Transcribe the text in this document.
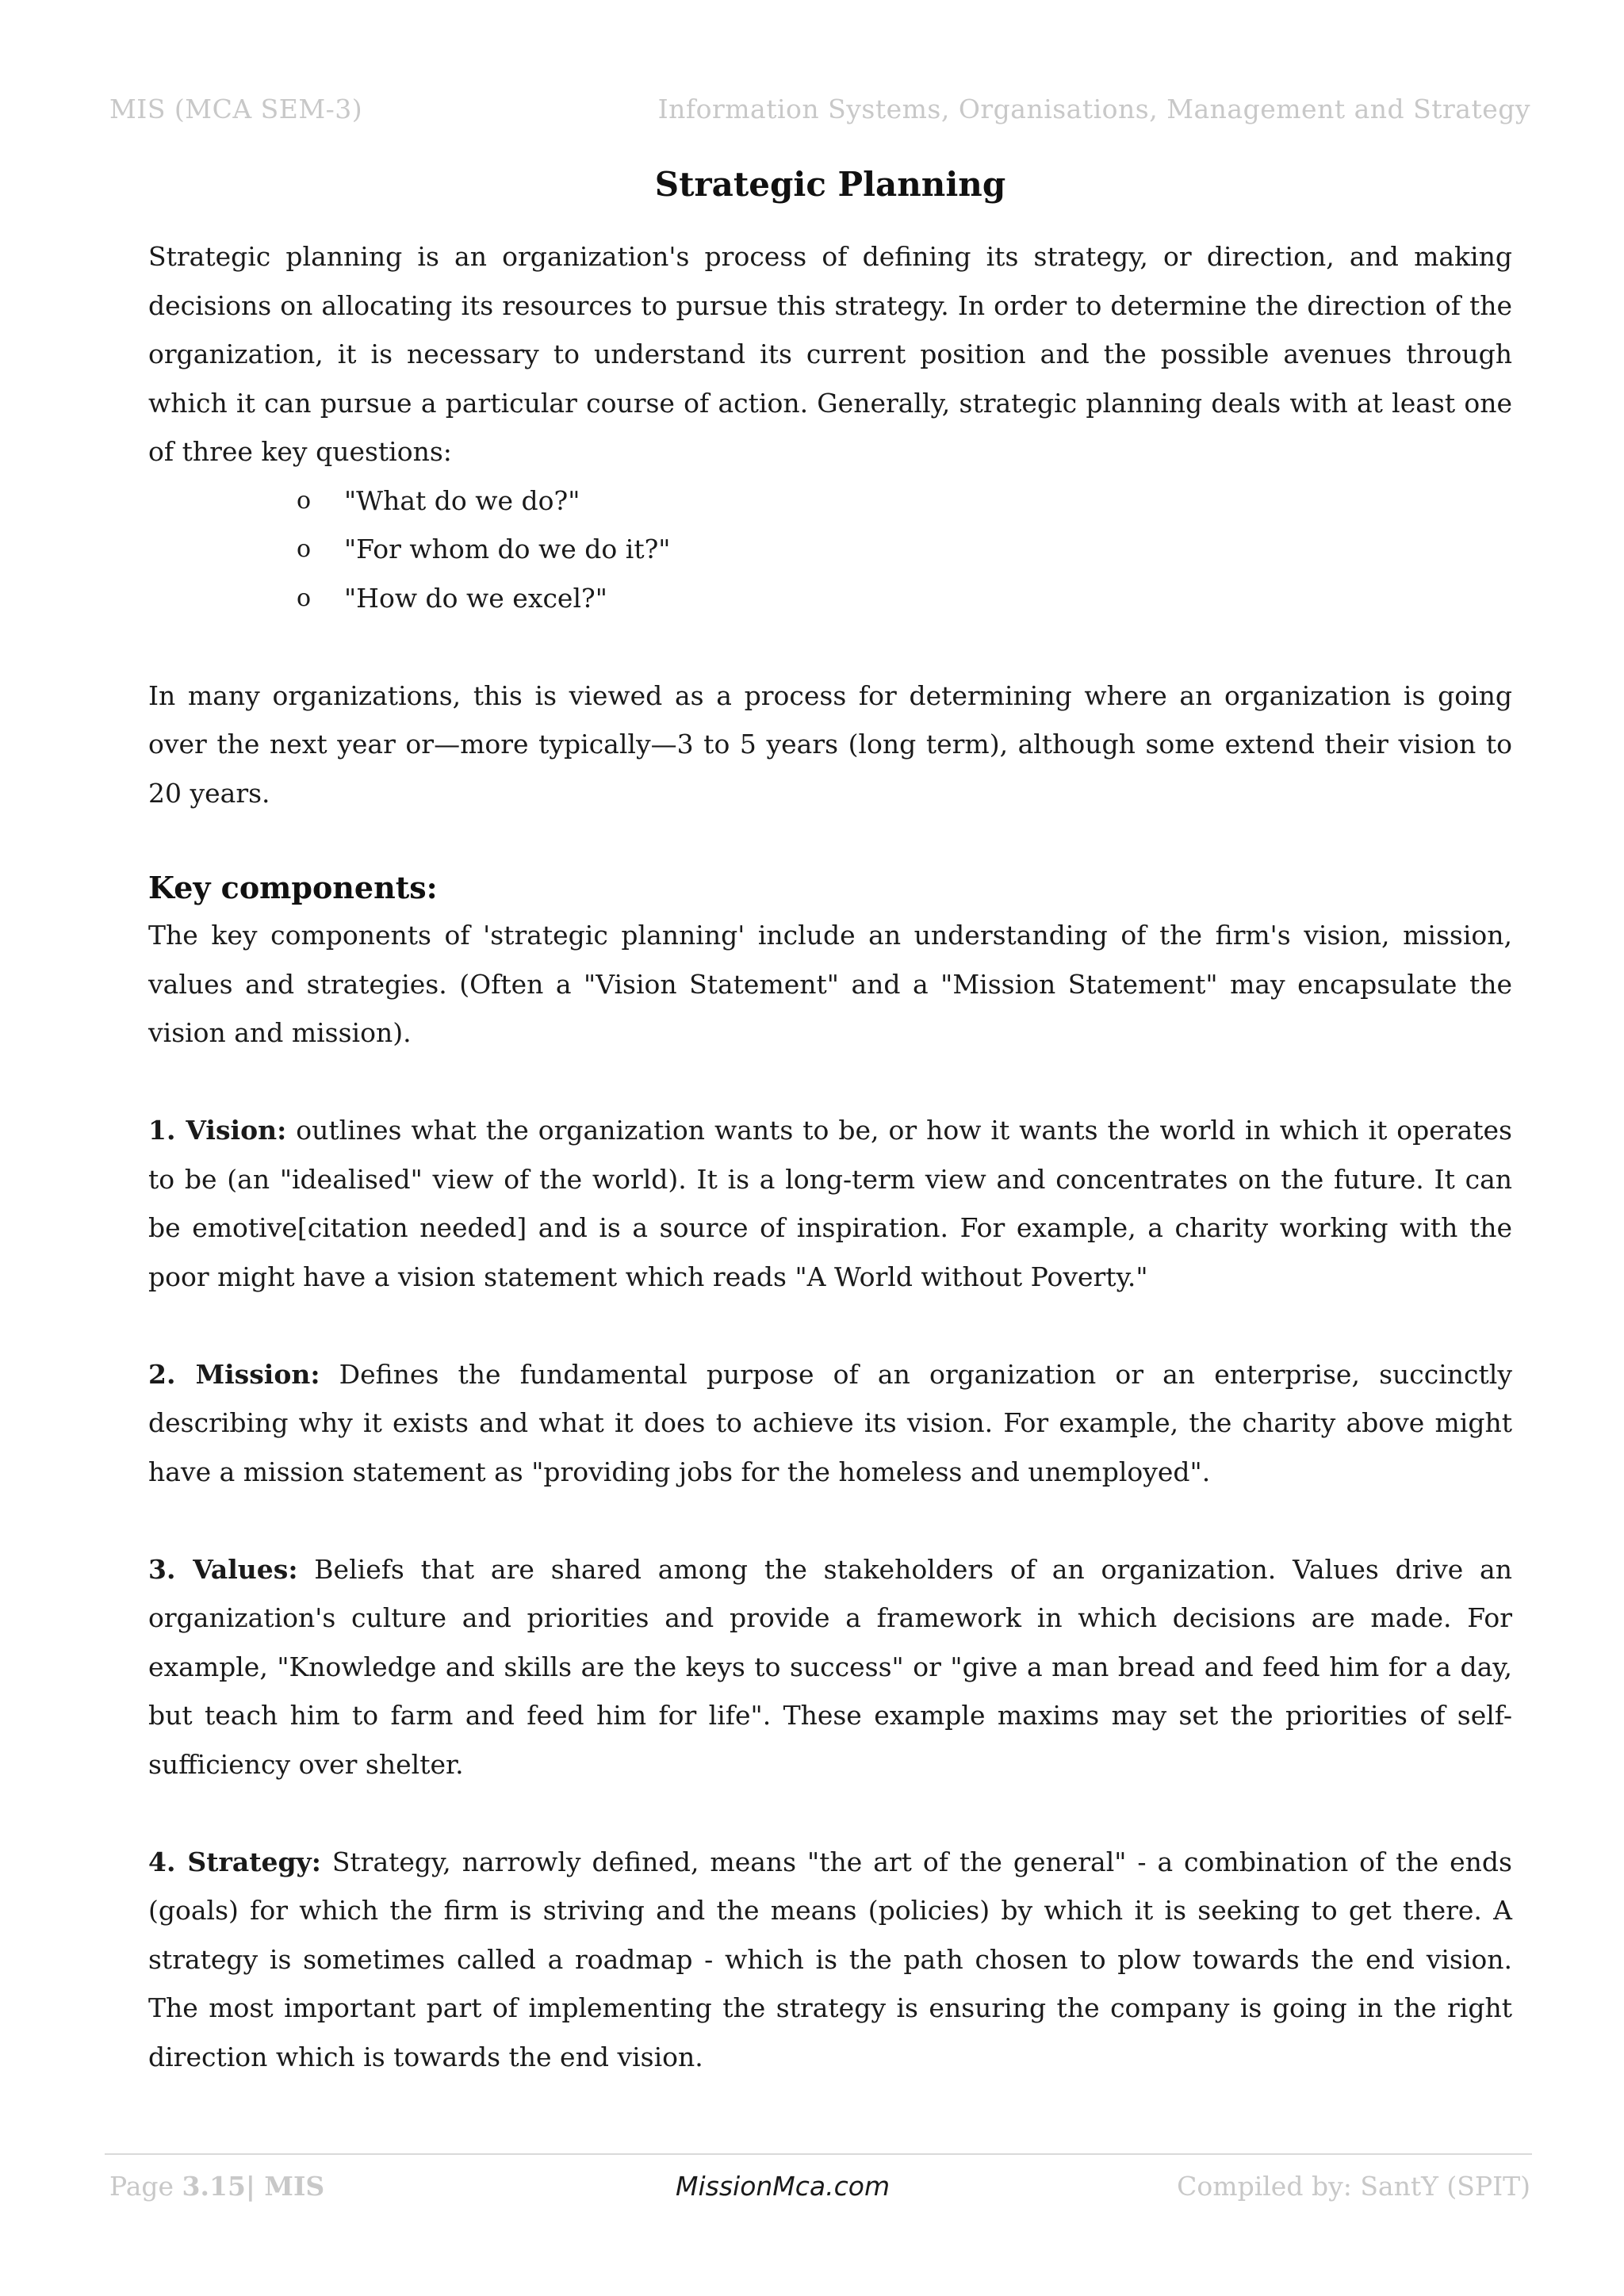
MIS (MCA SEM-3)	Information Systems, Organisations, Management and Strategy
Strategic Planning

Strategic planning is an organization's process of defining its strategy, or direction, and making decisions on allocating its resources to pursue this strategy. In order to determine the direction of the organization, it is necessary to understand its current position and the possible avenues through which it can pursue a particular course of action. Generally, strategic planning deals with at least one of three key questions:

o "What do we do?"
o "For whom do we do it?"
o "How do we excel?"

In many organizations, this is viewed as a process for determining where an organization is going over the next year or—more typically—3 to 5 years (long term), although some extend their vision to 20 years.

Key components:

The key components of 'strategic planning' include an understanding of the firm's vision, mission, values and strategies. (Often a "Vision Statement" and a "Mission Statement" may encapsulate the vision and mission).

1. Vision: outlines what the organization wants to be, or how it wants the world in which it operates to be (an "idealised" view of the world). It is a long-term view and concentrates on the future. It can be emotive[citation needed] and is a source of inspiration. For example, a charity working with the poor might have a vision statement which reads "A World without Poverty."

2. Mission: Defines the fundamental purpose of an organization or an enterprise, succinctly describing why it exists and what it does to achieve its vision. For example, the charity above might have a mission statement as "providing jobs for the homeless and unemployed".

3. Values: Beliefs that are shared among the stakeholders of an organization. Values drive an organization's culture and priorities and provide a framework in which decisions are made. For example, "Knowledge and skills are the keys to success" or "give a man bread and feed him for a day, but teach him to farm and feed him for life". These example maxims may set the priorities of self-sufficiency over shelter.

4. Strategy: Strategy, narrowly defined, means "the art of the general" - a combination of the ends (goals) for which the firm is striving and the means (policies) by which it is seeking to get there. A strategy is sometimes called a roadmap - which is the path chosen to plow towards the end vision. The most important part of implementing the strategy is ensuring the company is going in the right direction which is towards the end vision.

Page 3.15| MIS	MissionMca.com	Compiled by: SantY (SPIT)
